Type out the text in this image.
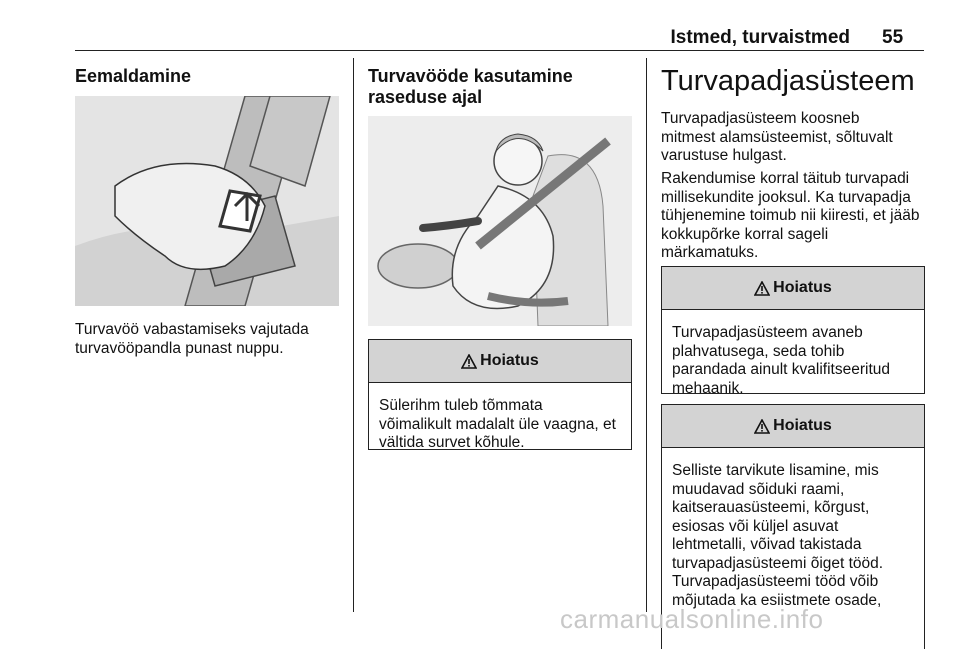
Istmed, turvaistmed 55
Eemaldamine
Turvavöö vabastamiseks vajutada
turvavööpandla punast nuppu.
Turvavööde kasutamine
raseduse ajal
Hoiatus
Sülerihm tuleb tõmmata
võimalikult madalalt üle vaagna, et
vältida survet kõhule.
Turvapadjasüsteem
Turvapadjasüsteem koosneb
mitmest alamsüsteemist, sõltuvalt
varustuse hulgast.
Rakendumise korral täitub turvapadi
millisekundite jooksul. Ka turvapadja
tühjenemine toimub nii kiiresti, et jääb
kokkupõrke korral sageli
märkamatuks.
Hoiatus
Turvapadjasüsteem avaneb
plahvatusega, seda tohib
parandada ainult kvalifitseeritud
mehaanik.
Hoiatus
Selliste tarvikute lisamine, mis
muudavad sõiduki raami,
kaitserauasüsteemi, kõrgust,
esiosas või küljel asuvat
lehtmetalli, võivad takistada
turvapadjasüsteemi õiget tööd.
Turvapadjasüsteemi tööd võib
mõjutada ka esiistmete osade,
carmanualsonline.info
